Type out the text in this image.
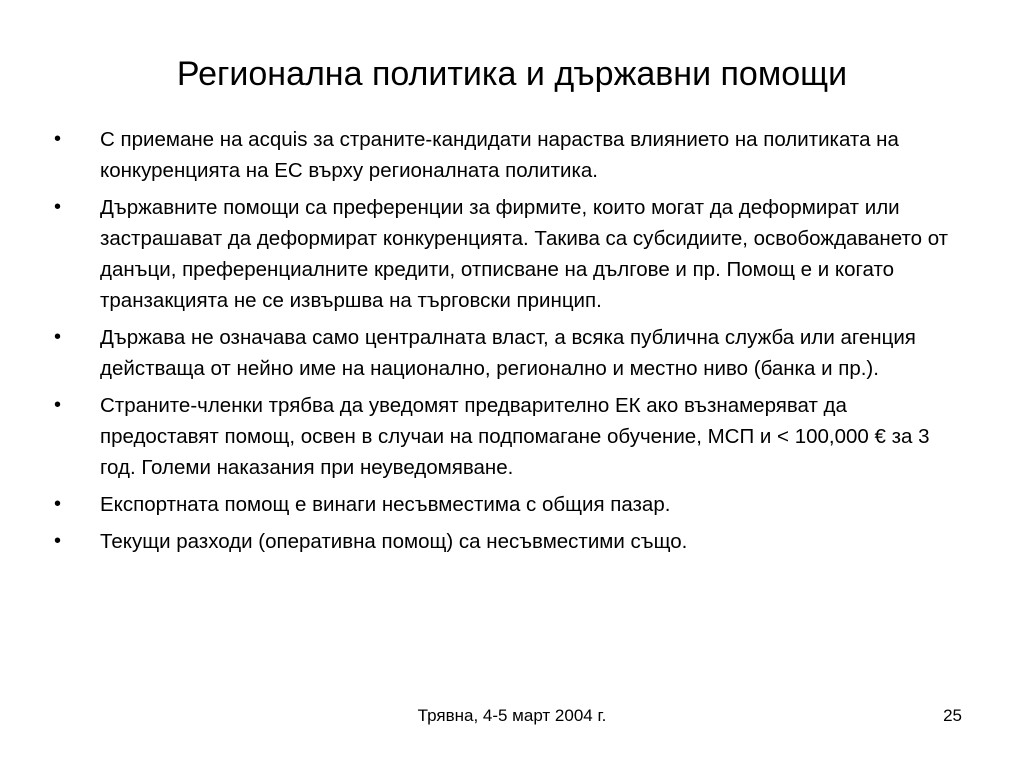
Регионална политика и държавни помощи
•	С приемане на acquis за страните-кандидати нараства влиянието на политиката на конкуренцията на ЕС върху регионалната политика.
•	Държавните помощи са преференции за фирмите, които могат да деформират или застрашават да деформират конкуренцията. Такива са субсидиите, освобождаването от данъци, преференциалните кредити, отписване на дългове и пр. Помощ е и когато транзакцията не се извършва на търговски принцип.
•	Държава не означава само централната власт, а всяка публична служба или агенция действаща от нейно име на национално, регионално и местно ниво (банка и пр.).
•	Страните-членки трябва да уведомят предварително ЕК ако възнамеряват да предоставят помощ, освен в случаи на подпомагане обучение, МСП и < 100,000 € за 3 год. Големи наказания при неуведомяване.
•	Експортната помощ е винаги несъвместима с общия пазар.
•	Текущи разходи (оперативна помощ) са несъвместими също.
Трявна, 4-5 март 2004 г.	25
